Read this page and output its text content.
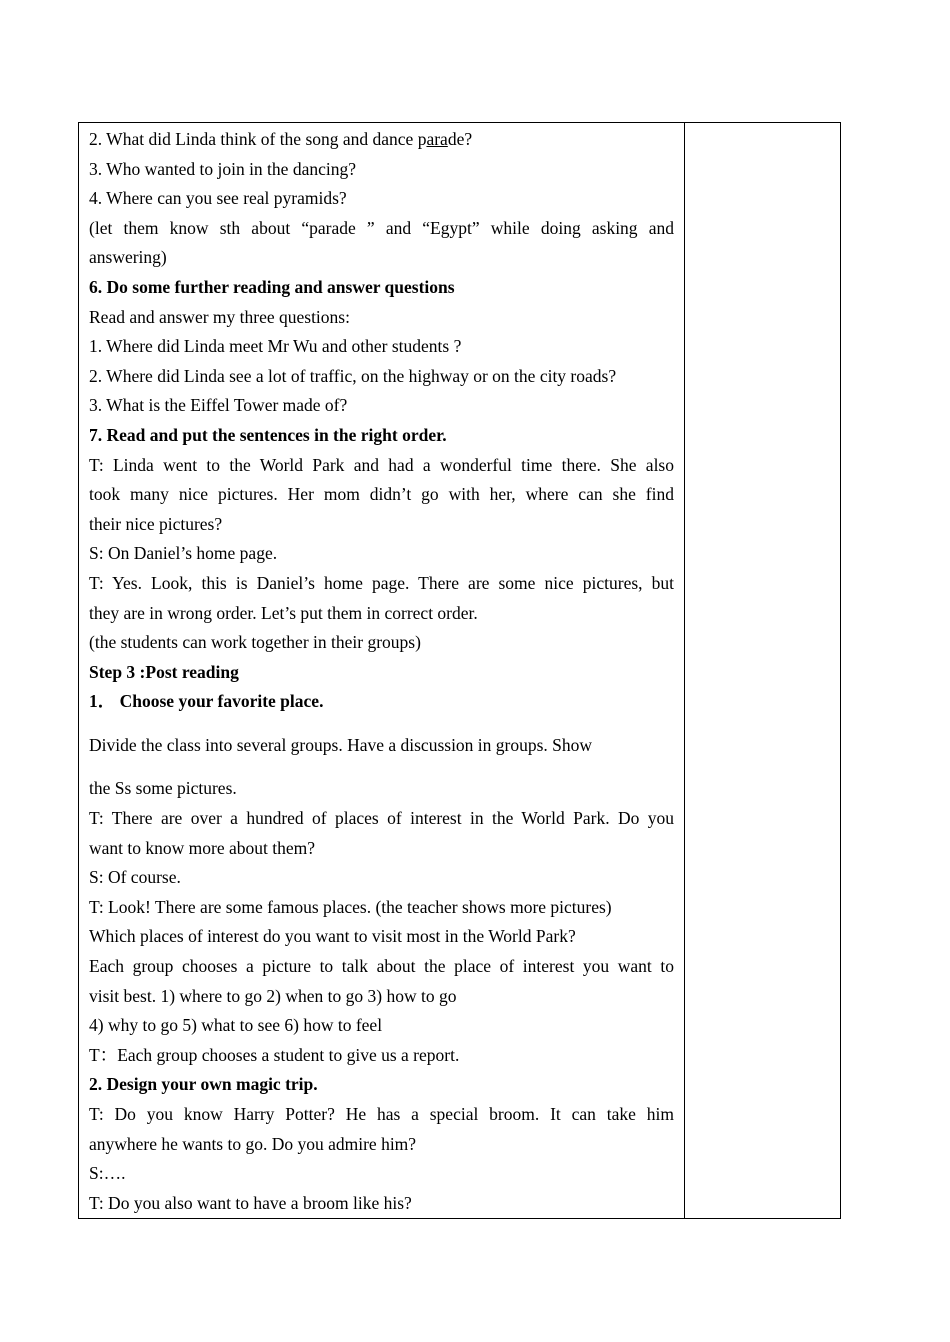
2. What did Linda think of the song and dance parade?

3. Who wanted to join in the dancing?

4. Where can you see real pyramids?

(let them know sth about “parade ” and “Egypt” while doing asking and

answering)

6. Do some further reading and answer questions

Read and answer my three questions:

1. Where did Linda meet Mr Wu and other students ?

2. Where did Linda see a lot of traffic, on the highway or on the city roads?

3. What is the Eiffel Tower made of?

7. Read and put the sentences in the right order.

T: Linda went to the World Park and had a wonderful time there. She also

took many nice pictures. Her mom didn’t go with her, where can she find

their nice pictures?

S: On Daniel’s home page.

T: Yes. Look, this is Daniel’s home page. There are some nice pictures, but

they are in wrong order. Let’s put them in correct order.

(the students can work together in their groups)

Step 3 :Post reading

1． Choose your favorite place.

Divide the class into several groups. Have a discussion in groups. Show

the Ss some pictures.

T: There are over a hundred of places of interest in the World Park. Do you

want to know more about them?

S: Of course.

T: Look! There are some famous places. (the teacher shows more pictures)

Which places of interest do you want to visit most in the World Park?

Each group chooses a picture to talk about the place of interest you want to

visit best. 1) where to go 2) when to go 3) how to go

4) why to go 5) what to see 6) how to feel

T：Each group chooses a student to give us a report.

2. Design your own magic trip.

T: Do you know Harry Potter? He has a special broom. It can take him

anywhere he wants to go. Do you admire him?

S:….

T: Do you also want to have a broom like his?
